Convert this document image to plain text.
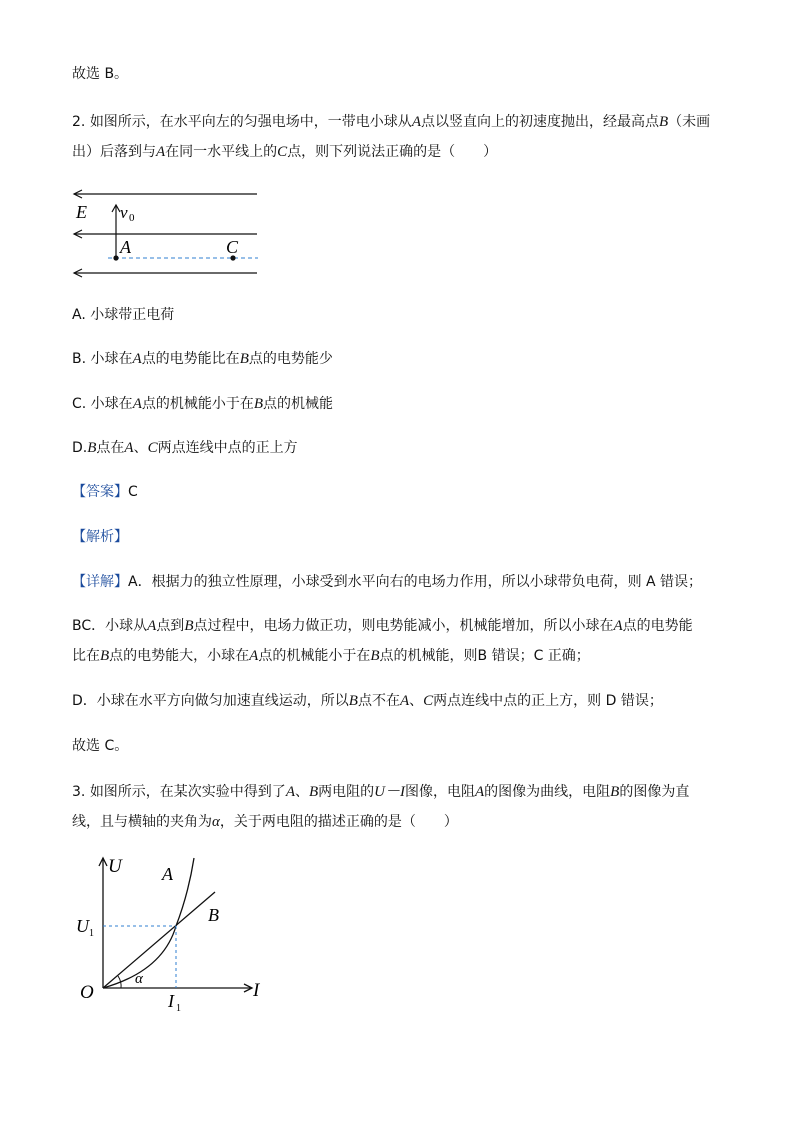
故选 B。
2. 如图所示，在水平向左的匀强电场中，一带电小球从A点以竖直向上的初速度抛出，经最高点B（未画
出）后落到与A在同一水平线上的C点，则下列说法正确的是（　　）
E v 0
A	C
A. 小球带正电荷
B. 小球在A点的电势能比在B点的电势能少
C. 小球在A点的机械能小于在B点的机械能
D.B点在A、C两点连线中点的正上方
【答案】C
【解析】
【详解】A．根据力的独立性原理，小球受到水平向右的电场力作用，所以小球带负电荷，则 A 错误；
BC．小球从A点到B点过程中，电场力做正功，则电势能减小，机械能增加，所以小球在A点的电势能
比在B点的电势能大，小球在A点的机械能小于在B点的机械能，则B 错误；C 正确；
D．小球在水平方向做匀加速直线运动，所以B点不在A、C两点连线中点的正上方，则 D 错误；
故选 C。
3. 如图所示，在某次实验中得到了A、B两电阻的U－I图像，电阻A的图像为曲线，电阻B的图像为直
线，且与横轴的夹角为α，关于两电阻的描述正确的是（　　）
U A
B
U 1
α
O	I
I 1
